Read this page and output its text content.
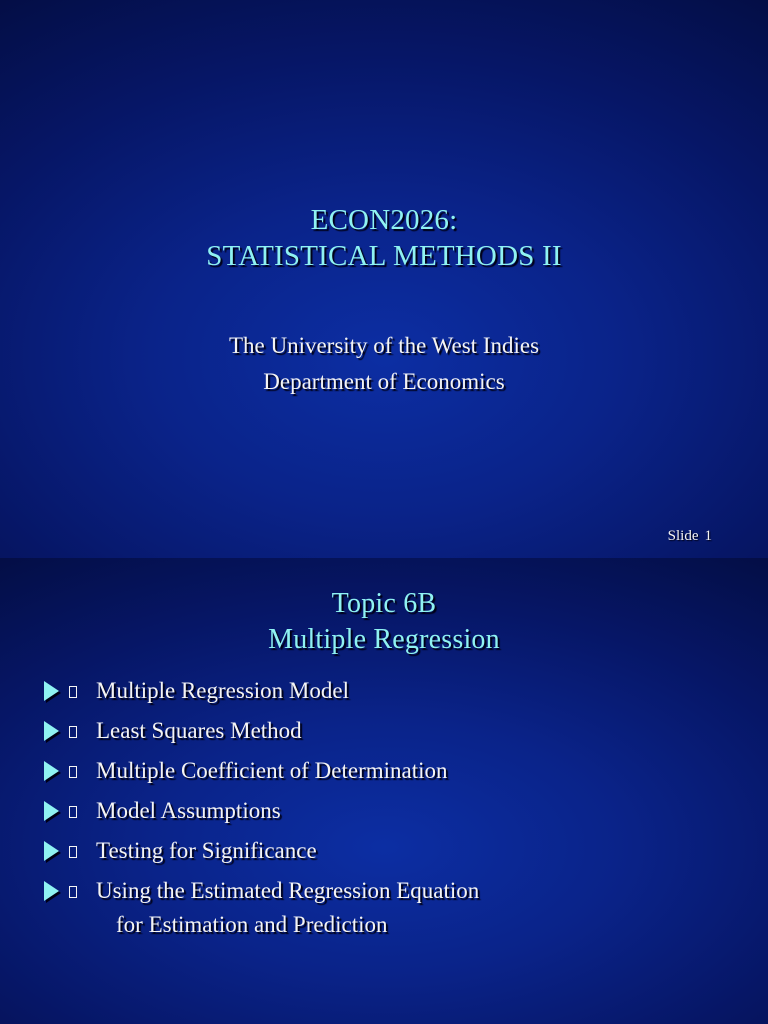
ECON2026:
STATISTICAL METHODS II
The University of the West Indies
Department of Economics
Slide 1
Topic 6B
Multiple Regression
Multiple Regression Model
Least Squares Method
Multiple Coefficient of Determination
Model Assumptions
Testing for Significance
Using the Estimated Regression Equation
for Estimation and Prediction
